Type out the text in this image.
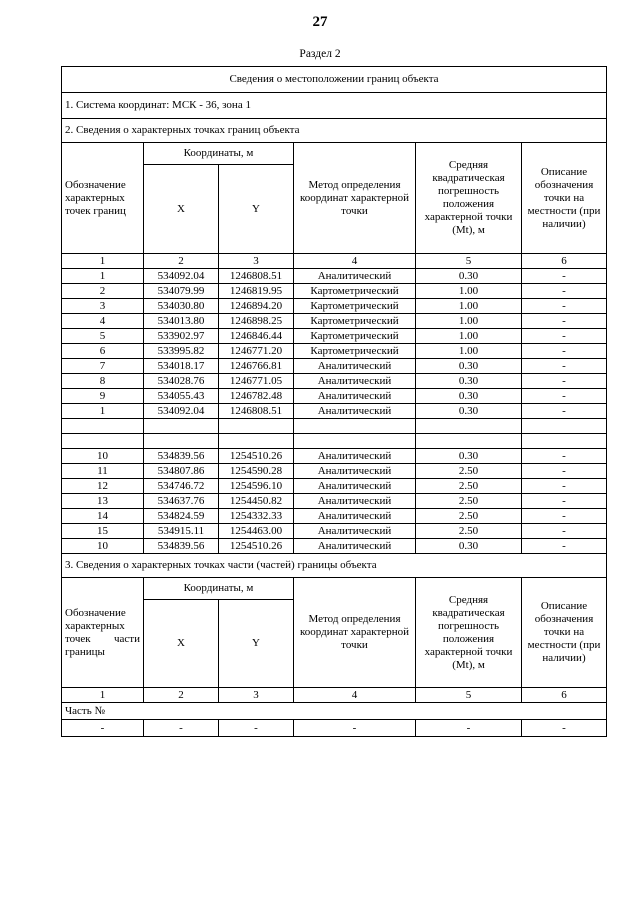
27
Раздел 2
Сведения о местоположении границ объекта					
1. Система координат: МСК - 36, зона 1					
2. Сведения о характерных точках границ объекта					
Обозначение характерных точек границ	Координаты, м		Метод определения координат характерной точки	Средняя квадратическая погрешность положения характерной точки (Mt), м	Описание обозначения точки на местности (при наличии)
	X	Y			
1	2	3	4	5	6
1	534092.04	1246808.51	Аналитический	0.30	-
2	534079.99	1246819.95	Картометрический	1.00	-
3	534030.80	1246894.20	Картометрический	1.00	-
4	534013.80	1246898.25	Картометрический	1.00	-
5	533902.97	1246846.44	Картометрический	1.00	-
6	533995.82	1246771.20	Картометрический	1.00	-
7	534018.17	1246766.81	Аналитический	0.30	-
8	534028.76	1246771.05	Аналитический	0.30	-
9	534055.43	1246782.48	Аналитический	0.30	-
1	534092.04	1246808.51	Аналитический	0.30	-

10	534839.56	1254510.26	Аналитический	0.30	-
11	534807.86	1254590.28	Аналитический	2.50	-
12	534746.72	1254596.10	Аналитический	2.50	-
13	534637.76	1254450.82	Аналитический	2.50	-
14	534824.59	1254332.33	Аналитический	2.50	-
15	534915.11	1254463.00	Аналитический	2.50	-
10	534839.56	1254510.26	Аналитический	0.30	-
3. Сведения о характерных точках части (частей) границы объекта					
Обозначение характерных точек части границы	Координаты, м		Метод определения координат характерной точки	Средняя квадратическая погрешность положения характерной точки (Mt), м	Описание обозначения точки на местности (при наличии)
	X	Y			
1	2	3	4	5	6
Часть №					
-	-	-	-	-	-
